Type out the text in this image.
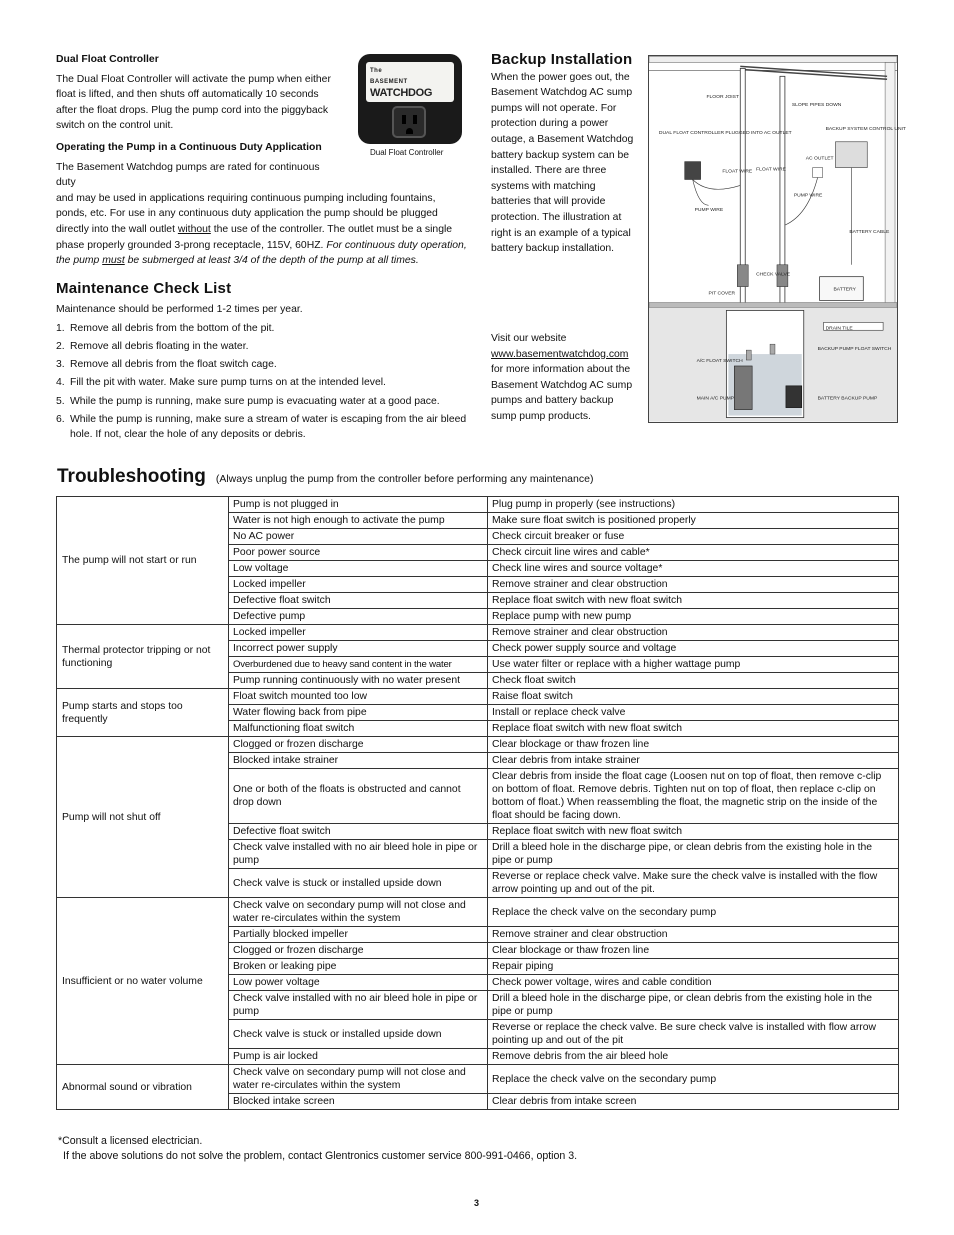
Dual Float Controller

The Dual Float Controller will activate the pump when either float is lifted, and then shuts off automatically 10 seconds after the float drops. Plug the pump cord into the piggyback switch on the control unit.

Operating the Pump in a Continuous Duty Application

The Basement Watchdog pumps are rated for continuous duty

and may be used in applications requiring continuous pumping including fountains, ponds, etc. For use in any continuous duty application the pump should be plugged directly into the wall outlet without the use of the controller. The outlet must be a single phase properly grounded 3-prong receptacle, 115V, 60HZ. For continuous duty operation, the pump must be submerged at least 3/4 of the depth of the pump at all times.

Maintenance Check List

Maintenance should be performed 1-2 times per year.

1. Remove all debris from the bottom of the pit.
2. Remove all debris floating in the water.
3. Remove all debris from the float switch cage.
4. Fill the pit with water. Make sure pump turns on at the intended level.
5. While the pump is running, make sure pump is evacuating water at a good pace.
6. While the pump is running, make sure a stream of water is escaping from the air bleed hole. If not, clear the hole of any deposits or debris.
The
BASEMENT
WATCHDOG
Dual Float Controller
Backup Installation

When the power goes out, the Basement Watchdog AC sump pumps will not operate. For protection during a power outage, a Basement Watchdog battery backup system can be installed. There are three systems with matching batteries that will provide protection. The illustration at right is an example of a typical battery backup installation.

Visit our website
www.basementwatchdog.com
for more information about the Basement Watchdog AC sump pumps and battery backup sump pump products.
FLOOR JOIST
SLOPE PIPES DOWN
DUAL FLOAT CONTROLLER PLUGGED INTO AC OUTLET
BACKUP SYSTEM CONTROL UNIT
AC OUTLET
FLOAT WIRE FLOAT WIRE
PUMP WIRE
PUMP WIRE
BATTERY CABLE
CHECK VALVE
PIT COVER
BATTERY
DRAIN TILE
BACKUP PUMP FLOAT SWITCH
A/C FLOAT SWITCH
MAIN A/C PUMP	BATTERY BACKUP PUMP
Troubleshooting (Always unplug the pump from the controller before performing any maintenance)
The pump will not start or run	Pump is not plugged in	Plug pump in properly (see instructions)
	Water is not high enough to activate the pump	Make sure float switch is positioned properly
	No AC power	Check circuit breaker or fuse
	Poor power source	Check circuit line wires and cable*
	Low voltage	Check line wires and source voltage*
	Locked impeller	Remove strainer and clear obstruction
	Defective float switch	Replace float switch with new float switch
	Defective pump	Replace pump with new pump
Thermal protector tripping or not functioning	Locked impeller	Remove strainer and clear obstruction
	Incorrect power supply	Check power supply source and voltage
	Overburdened due to heavy sand content in the water	Use water filter or replace with a higher wattage pump
	Pump running continuously with no water present	Check float switch
Pump starts and stops too frequently	Float switch mounted too low	Raise float switch
	Water flowing back from pipe	Install or replace check valve
	Malfunctioning float switch	Replace float switch with new float switch
Pump will not shut off	Clogged or frozen discharge	Clear blockage or thaw frozen line
	Blocked intake strainer	Clear debris from intake strainer
	One or both of the floats is obstructed and cannot drop down	Clear debris from inside the float cage (Loosen nut on top of float, then remove c-clip on bottom of float. Remove debris. Tighten nut on top of float, then replace c-clip on bottom of float.) When reassembling the float, the magnetic strip on the inside of the float should be facing down.
	Defective float switch	Replace float switch with new float switch
	Check valve installed with no air bleed hole in pipe or pump	Drill a bleed hole in the discharge pipe, or clean debris from the existing hole in the pipe or pump
	Check valve is stuck or installed upside down	Reverse or replace check valve. Make sure the check valve is installed with the flow arrow pointing up and out of the pit.
Insufficient or no water volume	Check valve on secondary pump will not close and water re-circulates within the system	Replace the check valve on the secondary pump
	Partially blocked impeller	Remove strainer and clear obstruction
	Clogged or frozen discharge	Clear blockage or thaw frozen line
	Broken or leaking pipe	Repair piping
	Low power voltage	Check power voltage, wires and cable condition
	Check valve installed with no air bleed hole in pipe or pump	Drill a bleed hole in the discharge pipe, or clean debris from the existing hole in the pipe or pump
	Check valve is stuck or installed upside down	Reverse or replace the check valve. Be sure check valve is installed with flow arrow pointing up and out of the pit
	Pump is air locked	Remove debris from the air bleed hole
Abnormal sound or vibration	Check valve on secondary pump will not close and water re-circulates within the system	Replace the check valve on the secondary pump
	Blocked intake screen	Clear debris from intake screen
*Consult a licensed electrician.
If the above solutions do not solve the problem, contact Glentronics customer service 800-991-0466, option 3.
3
